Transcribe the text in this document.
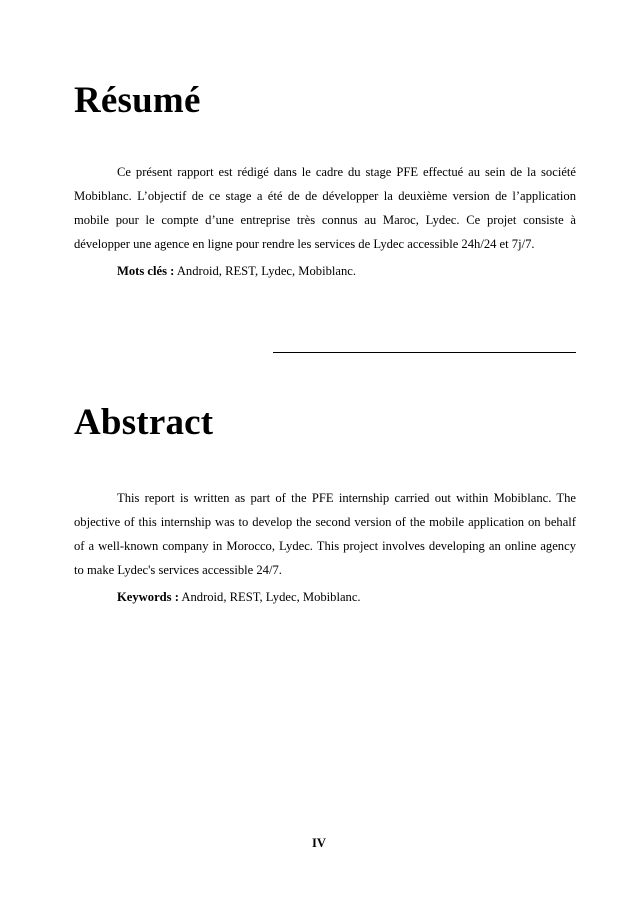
Résumé

Ce présent rapport est rédigé dans le cadre du stage PFE effectué au sein de la société Mobiblanc. L’objectif de ce stage a été de de développer la deuxième version de l’application mobile pour le compte d’une entreprise très connus au Maroc, Lydec. Ce projet consiste à développer une agence en ligne pour rendre les services de Lydec accessible 24h/24 et 7j/7.

Mots clés : Android, REST, Lydec, Mobiblanc.

Abstract

This report is written as part of the PFE internship carried out within Mobiblanc. The objective of this internship was to develop the second version of the mobile application on behalf of a well-known company in Morocco, Lydec. This project involves developing an online agency to make Lydec's services accessible 24/7.

Keywords : Android, REST, Lydec, Mobiblanc.

IV
